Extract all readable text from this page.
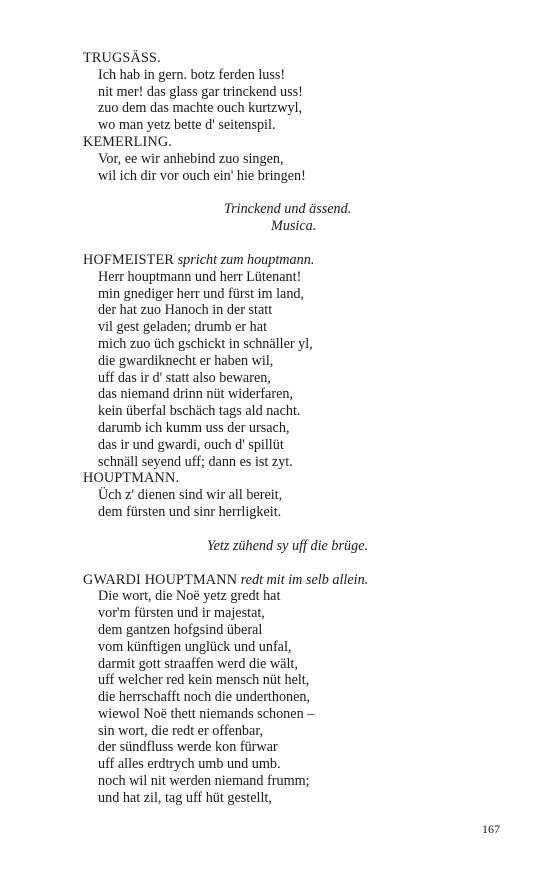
TRUGSÄSS.
Ich hab in gern. botz ferden luss!
nit mer! das glass gar trinckend uss!
zuo dem das machte ouch kurtzwyl,
wo man yetz bette d' seitenspil.
KEMERLING.
Vor, ee wir anhebind zuo singen,
wil ich dir vor ouch ein' hie bringen!
Trinckend und ässend.
Musica.
HOFMEISTER spricht zum houptmann.
Herr houptmann und herr Lütenant!
min gnediger herr und fürst im land,
der hat zuo Hanoch in der statt
vil gest geladen; drumb er hat
mich zuo üch gschickt in schnäller yl,
die gwardiknecht er haben wil,
uff das ir d' statt also bewaren,
das niemand drinn nüt widerfaren,
kein überfal bschäch tags ald nacht.
darumb ich kumm uss der ursach,
das ir und gwardi, ouch d' spillüt
schnäll seyend uff; dann es ist zyt.
HOUPTMANN.
Üch z' dienen sind wir all bereit,
dem fürsten und sinr herrligkeit.
Yetz zühend sy uff die brüge.
GWARDI HOUPTMANN redt mit im selb allein.
Die wort, die Noë yetz gredt hat
vor'm fürsten und ir majestat,
dem gantzen hofgsind überal
vom künftigen unglück und unfal,
darmit gott straaffen werd die wält,
uff welcher red kein mensch nüt helt,
die herrschafft noch die underthonen,
wiewol Noë thett niemands schonen –
sin wort, die redt er offenbar,
der sündfluss werde kon fürwar
uff alles erdtrych umb und umb.
noch wil nit werden niemand frumm;
und hat zil, tag uff hüt gestellt,
167
